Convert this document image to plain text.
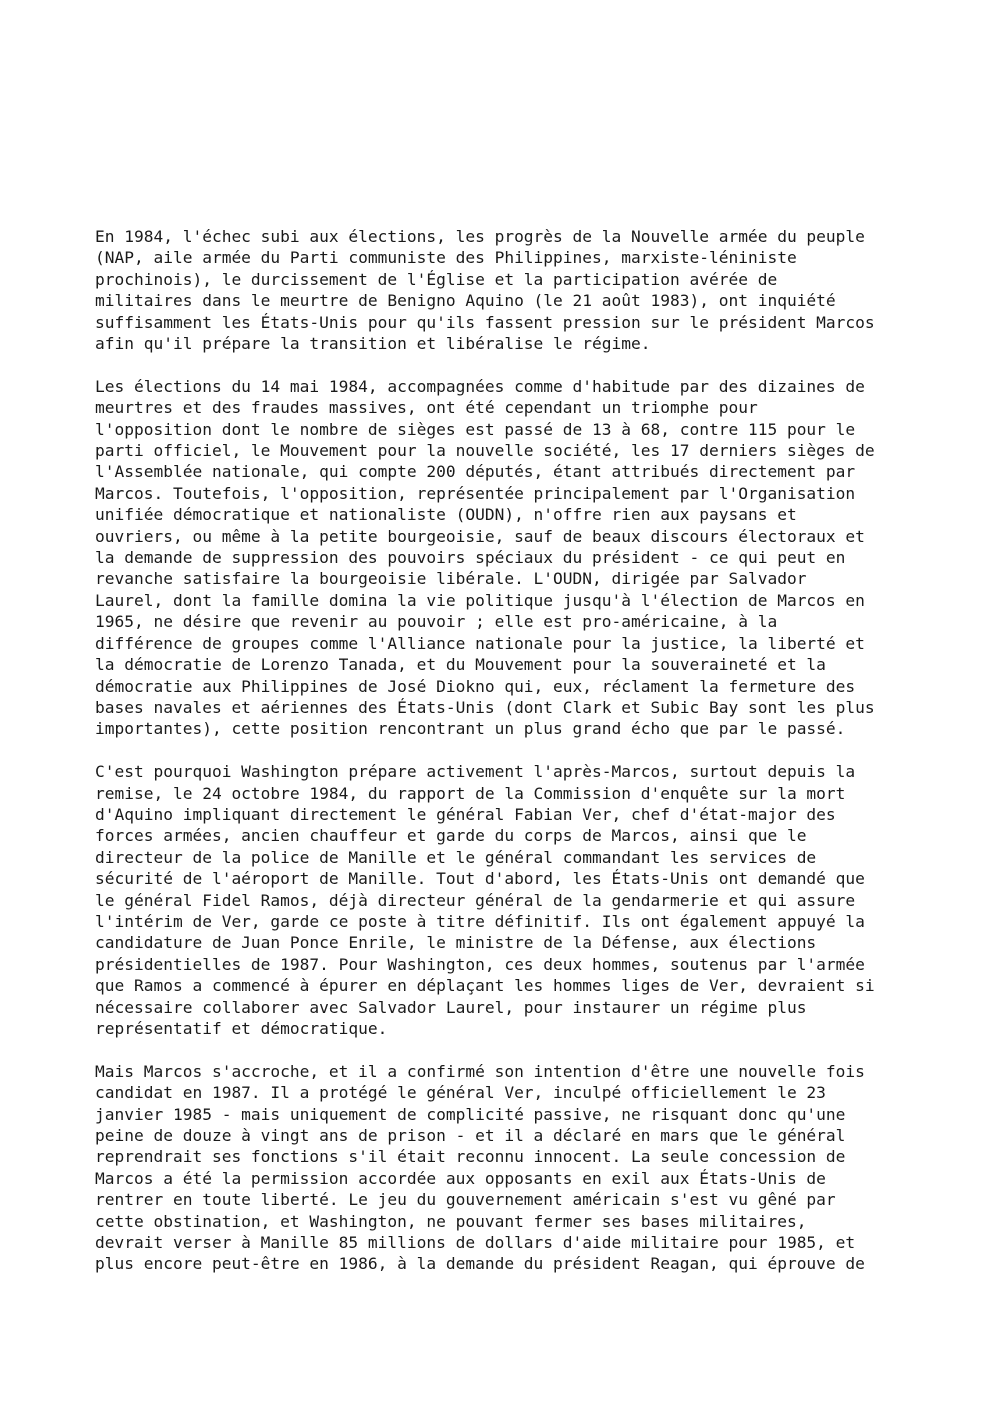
En 1984, l'échec subi aux élections, les progrès de la Nouvelle armée du peuple
(NAP, aile armée du Parti communiste des Philippines, marxiste-léniniste
prochinois), le durcissement de l'Église et la participation avérée de
militaires dans le meurtre de Benigno Aquino (le 21 août 1983), ont inquiété
suffisamment les États-Unis pour qu'ils fassent pression sur le président Marcos
afin qu'il prépare la transition et libéralise le régime.

Les élections du 14 mai 1984, accompagnées comme d'habitude par des dizaines de
meurtres et des fraudes massives, ont été cependant un triomphe pour
l'opposition dont le nombre de sièges est passé de 13 à 68, contre 115 pour le
parti officiel, le Mouvement pour la nouvelle société, les 17 derniers sièges de
l'Assemblée nationale, qui compte 200 députés, étant attribués directement par
Marcos. Toutefois, l'opposition, représentée principalement par l'Organisation
unifiée démocratique et nationaliste (OUDN), n'offre rien aux paysans et
ouvriers, ou même à la petite bourgeoisie, sauf de beaux discours électoraux et
la demande de suppression des pouvoirs spéciaux du président - ce qui peut en
revanche satisfaire la bourgeoisie libérale. L'OUDN, dirigée par Salvador
Laurel, dont la famille domina la vie politique jusqu'à l'élection de Marcos en
1965, ne désire que revenir au pouvoir ; elle est pro-américaine, à la
différence de groupes comme l'Alliance nationale pour la justice, la liberté et
la démocratie de Lorenzo Tanada, et du Mouvement pour la souveraineté et la
démocratie aux Philippines de José Diokno qui, eux, réclament la fermeture des
bases navales et aériennes des États-Unis (dont Clark et Subic Bay sont les plus
importantes), cette position rencontrant un plus grand écho que par le passé.

C'est pourquoi Washington prépare activement l'après-Marcos, surtout depuis la
remise, le 24 octobre 1984, du rapport de la Commission d'enquête sur la mort
d'Aquino impliquant directement le général Fabian Ver, chef d'état-major des
forces armées, ancien chauffeur et garde du corps de Marcos, ainsi que le
directeur de la police de Manille et le général commandant les services de
sécurité de l'aéroport de Manille. Tout d'abord, les États-Unis ont demandé que
le général Fidel Ramos, déjà directeur général de la gendarmerie et qui assure
l'intérim de Ver, garde ce poste à titre définitif. Ils ont également appuyé la
candidature de Juan Ponce Enrile, le ministre de la Défense, aux élections
présidentielles de 1987. Pour Washington, ces deux hommes, soutenus par l'armée
que Ramos a commencé à épurer en déplaçant les hommes liges de Ver, devraient si
nécessaire collaborer avec Salvador Laurel, pour instaurer un régime plus
représentatif et démocratique.

Mais Marcos s'accroche, et il a confirmé son intention d'être une nouvelle fois
candidat en 1987. Il a protégé le général Ver, inculpé officiellement le 23
janvier 1985 - mais uniquement de complicité passive, ne risquant donc qu'une
peine de douze à vingt ans de prison - et il a déclaré en mars que le général
reprendrait ses fonctions s'il était reconnu innocent. La seule concession de
Marcos a été la permission accordée aux opposants en exil aux États-Unis de
rentrer en toute liberté. Le jeu du gouvernement américain s'est vu gêné par
cette obstination, et Washington, ne pouvant fermer ses bases militaires,
devrait verser à Manille 85 millions de dollars d'aide militaire pour 1985, et
plus encore peut-être en 1986, à la demande du président Reagan, qui éprouve de
